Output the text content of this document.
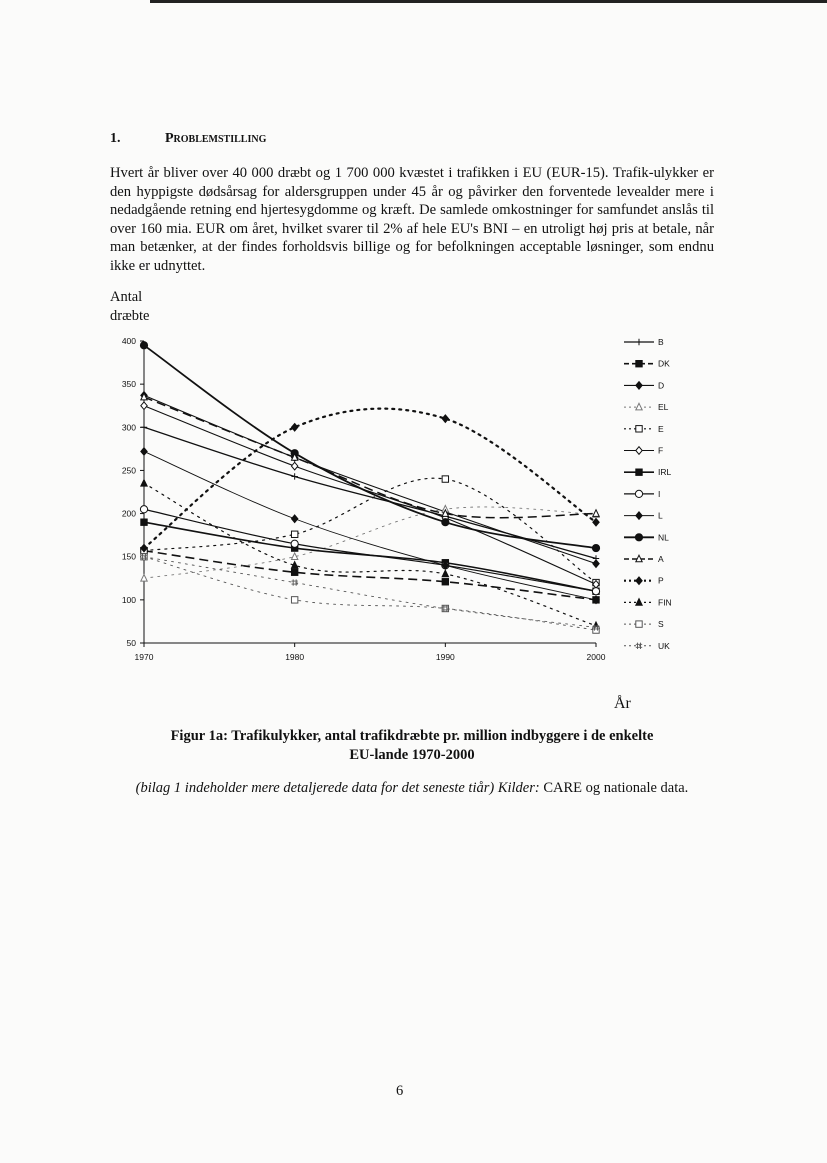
1.	Problemstilling
Hvert år bliver over 40 000 dræbt og 1 700 000 kvæstet i trafikken i EU (EUR-15). Trafik-ulykker er den hyppigste dødsårsag for aldersgruppen under 45 år og påvirker den forventede levealder mere i nedadgående retning end hjertesygdomme og kræft. De samlede omkostninger for samfundet anslås til over 160 mia. EUR om året, hvilket svarer til 2% af hele EU's BNI – en utroligt høj pris at betale, når man betænker, at der findes forholdsvis billige og for befolkningen acceptable løsninger, som endnu ikke er udnyttet.
Antal
dræbte
50
100
150
200
250
300
350
400
1970	1980	1990	2000
B
DK
D
EL
E
F
IRL
I
L
NL
A
P
FIN
S
UK
År
Figur 1a: Trafikulykker, antal trafikdræbte pr. million indbyggere i de enkelte
EU-lande 1970-2000
(bilag 1 indeholder mere detaljerede data for det seneste tiår) Kilder: CARE og nationale data.
6
